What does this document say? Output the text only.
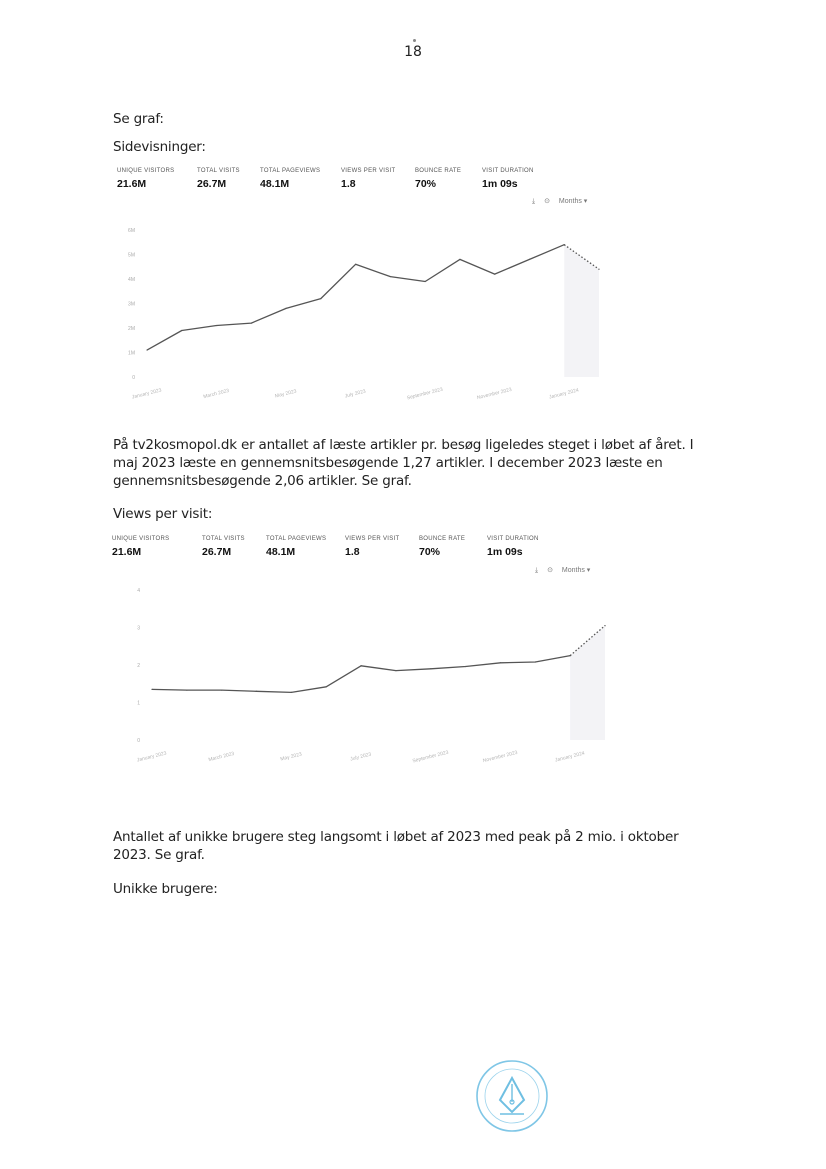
18
Se graf:
Sidevisninger:
UNIQUE VISITORS
21.6M
TOTAL VISITS
26.7M
TOTAL PAGEVIEWS
48.1M
VIEWS PER VISIT
1.8
BOUNCE RATE
70%
VISIT DURATION
1m 09s
⤓ ⊙ Months ▾
0
1M
2M
3M
4M
5M
6M
January 2023	March 2023	May 2023	July 2023	September 2023	November 2023	January 2024
På tv2kosmopol.dk er antallet af læste artikler pr. besøg ligeledes steget i løbet af året. I maj 2023 læste en gennemsnitsbesøgende 1,27 artikler. I december 2023 læste en gennemsnitsbesøgende 2,06 artikler. Se graf.
Views per visit:
UNIQUE VISITORS
21.6M
TOTAL VISITS
26.7M
TOTAL PAGEVIEWS
48.1M
VIEWS PER VISIT
1.8
BOUNCE RATE
70%
VISIT DURATION
1m 09s
⤓ ⊙ Months ▾
0
1
2
3
4
January 2023	March 2023	May 2023	July 2023	September 2023	November 2023	January 2024
Antallet af unikke brugere steg langsomt i løbet af 2023 med peak på 2 mio. i oktober 2023. Se graf.
Unikke brugere:
